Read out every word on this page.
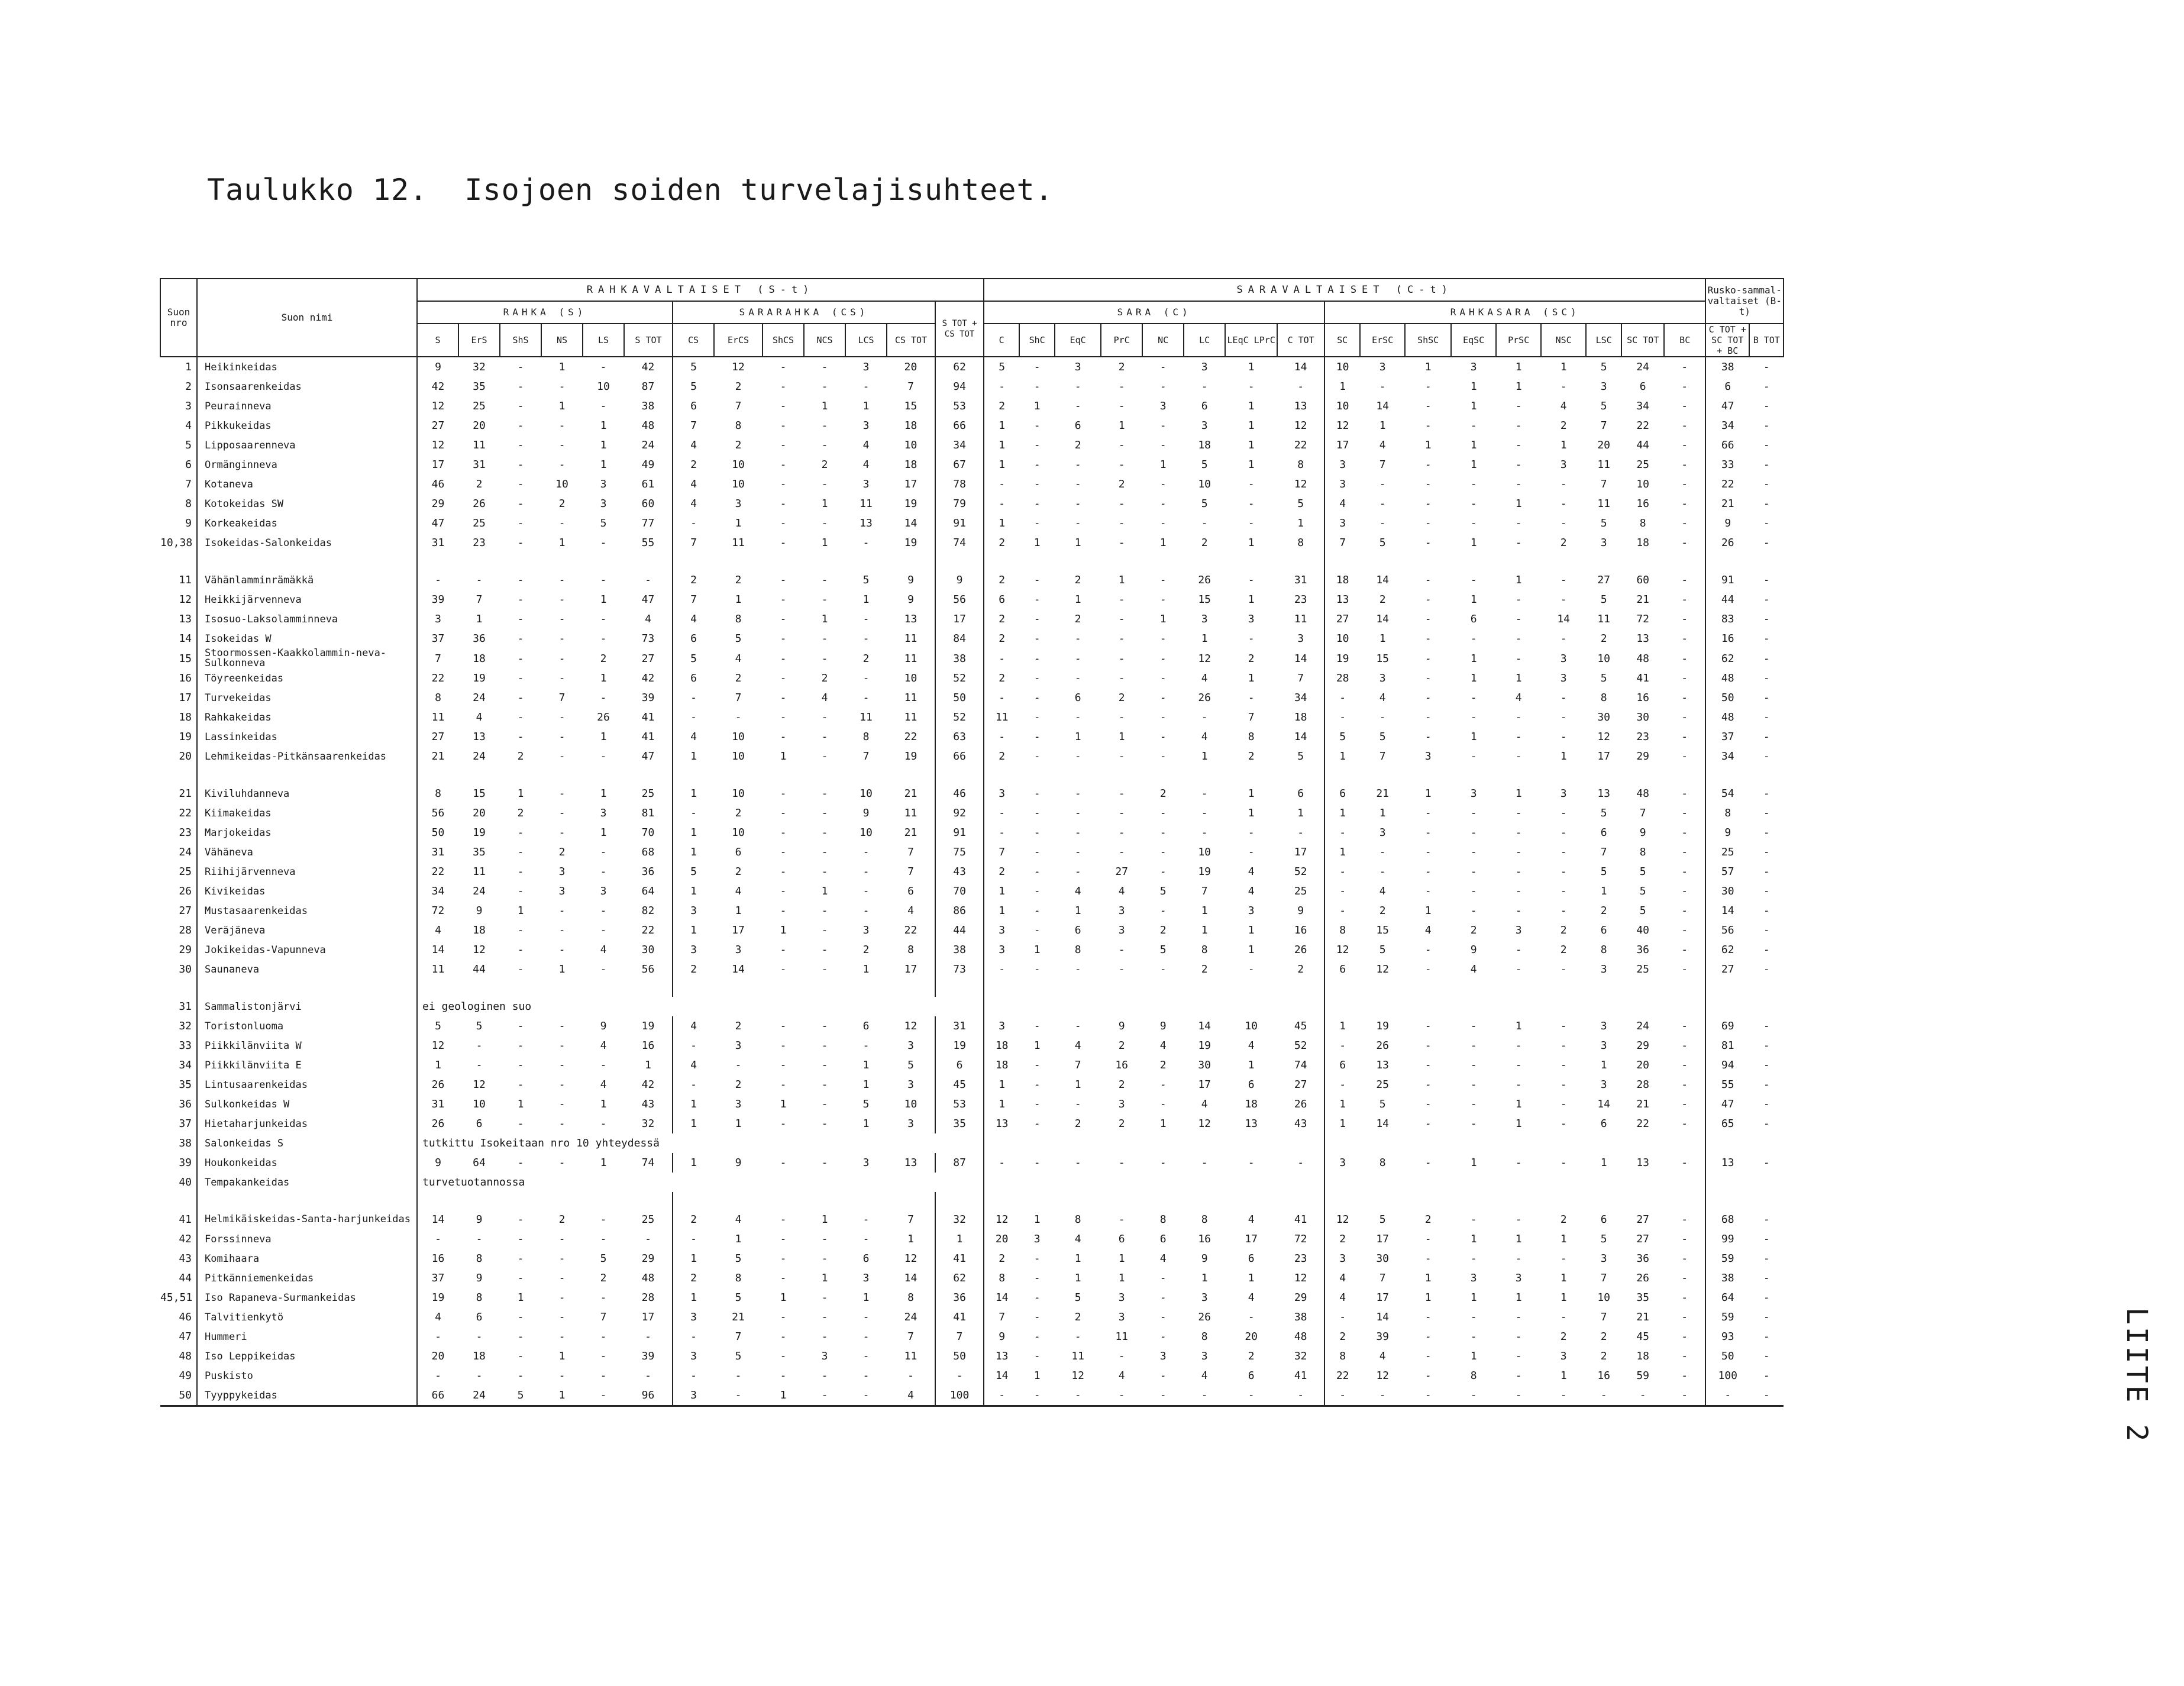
Taulukko 12.  Isojoen soiden turvelajisuhteet.
LIITE 2
Suon nro	Suon nimi	RAHKAVALTAISET (S-t)													SARAVALTAISET (C-t)																	Rusko-sammal-valtaiset (B-t)	
		RAHKA (S)						SARARAHKA (CS)						S TOT + CS TOT	SARA (C)								RAHKASARA (SC)										
		S	ErS	ShS	NS	LS	S TOT	CS	ErCS	ShCS	NCS	LCS	CS TOT		C	ShC	EqC	PrC	NC	LC	LEqC LPrC	C TOT	SC	ErSC	ShSC	EqSC	PrSC	NSC	LSC	SC TOT	BC	C TOT + SC TOT + BC	B TOT
1	Heikinkeidas	9	32	-	1	-	42	5	12	-	-	3	20	62	5	-	3	2	-	3	1	14	10	3	1	3	1	1	5	24	-	38	-
2	Isonsaarenkeidas	42	35	-	-	10	87	5	2	-	-	-	7	94	-	-	-	-	-	-	-	-	1	-	-	1	1	-	3	6	-	6	-
3	Peurainneva	12	25	-	1	-	38	6	7	-	1	1	15	53	2	1	-	-	3	6	1	13	10	14	-	1	-	4	5	34	-	47	-
4	Pikkukeidas	27	20	-	-	1	48	7	8	-	-	3	18	66	1	-	6	1	-	3	1	12	12	1	-	-	-	2	7	22	-	34	-
5	Lipposaarenneva	12	11	-	-	1	24	4	2	-	-	4	10	34	1	-	2	-	-	18	1	22	17	4	1	1	-	1	20	44	-	66	-
6	Ormänginneva	17	31	-	-	1	49	2	10	-	2	4	18	67	1	-	-	-	1	5	1	8	3	7	-	1	-	3	11	25	-	33	-
7	Kotaneva	46	2	-	10	3	61	4	10	-	-	3	17	78	-	-	-	2	-	10	-	12	3	-	-	-	-	-	7	10	-	22	-
8	Kotokeidas SW	29	26	-	2	3	60	4	3	-	1	11	19	79	-	-	-	-	-	5	-	5	4	-	-	-	1	-	11	16	-	21	-
9	Korkeakeidas	47	25	-	-	5	77	-	1	-	-	13	14	91	1	-	-	-	-	-	-	1	3	-	-	-	-	-	5	8	-	9	-
10,38	Isokeidas-Salonkeidas	31	23	-	1	-	55	7	11	-	1	-	19	74	2	1	1	-	1	2	1	8	7	5	-	1	-	2	3	18	-	26	-

11	Vähänlamminrämäkkä	-	-	-	-	-	-	2	2	-	-	5	9	9	2	-	2	1	-	26	-	31	18	14	-	-	1	-	27	60	-	91	-
12	Heikkijärvenneva	39	7	-	-	1	47	7	1	-	-	1	9	56	6	-	1	-	-	15	1	23	13	2	-	1	-	-	5	21	-	44	-
13	Isosuo-Laksolamminneva	3	1	-	-	-	4	4	8	-	1	-	13	17	2	-	2	-	1	3	3	11	27	14	-	6	-	14	11	72	-	83	-
14	Isokeidas W	37	36	-	-	-	73	6	5	-	-	-	11	84	2	-	-	-	-	1	-	3	10	1	-	-	-	-	2	13	-	16	-
15	Stoormossen-Kaakkolammin-neva-Sulkonneva	7	18	-	-	2	27	5	4	-	-	2	11	38	-	-	-	-	-	12	2	14	19	15	-	1	-	3	10	48	-	62	-
16	Töyreenkeidas	22	19	-	-	1	42	6	2	-	2	-	10	52	2	-	-	-	-	4	1	7	28	3	-	1	1	3	5	41	-	48	-
17	Turvekeidas	8	24	-	7	-	39	-	7	-	4	-	11	50	-	-	6	2	-	26	-	34	-	4	-	-	4	-	8	16	-	50	-
18	Rahkakeidas	11	4	-	-	26	41	-	-	-	-	11	11	52	11	-	-	-	-	-	7	18	-	-	-	-	-	-	30	30	-	48	-
19	Lassinkeidas	27	13	-	-	1	41	4	10	-	-	8	22	63	-	-	1	1	-	4	8	14	5	5	-	1	-	-	12	23	-	37	-
20	Lehmikeidas-Pitkänsaarenkeidas	21	24	2	-	-	47	1	10	1	-	7	19	66	2	-	-	-	-	1	2	5	1	7	3	-	-	1	17	29	-	34	-

21	Kiviluhdanneva	8	15	1	-	1	25	1	10	-	-	10	21	46	3	-	-	-	2	-	1	6	6	21	1	3	1	3	13	48	-	54	-
22	Kiimakeidas	56	20	2	-	3	81	-	2	-	-	9	11	92	-	-	-	-	-	-	1	1	1	1	-	-	-	-	5	7	-	8	-
23	Marjokeidas	50	19	-	-	1	70	1	10	-	-	10	21	91	-	-	-	-	-	-	-	-	-	3	-	-	-	-	6	9	-	9	-
24	Vähäneva	31	35	-	2	-	68	1	6	-	-	-	7	75	7	-	-	-	-	10	-	17	1	-	-	-	-	-	7	8	-	25	-
25	Riihijärvenneva	22	11	-	3	-	36	5	2	-	-	-	7	43	2	-	-	27	-	19	4	52	-	-	-	-	-	-	5	5	-	57	-
26	Kivikeidas	34	24	-	3	3	64	1	4	-	1	-	6	70	1	-	4	4	5	7	4	25	-	4	-	-	-	-	1	5	-	30	-
27	Mustasaarenkeidas	72	9	1	-	-	82	3	1	-	-	-	4	86	1	-	1	3	-	1	3	9	-	2	1	-	-	-	2	5	-	14	-
28	Veräjäneva	4	18	-	-	-	22	1	17	1	-	3	22	44	3	-	6	3	2	1	1	16	8	15	4	2	3	2	6	40	-	56	-
29	Jokikeidas-Vapunneva	14	12	-	-	4	30	3	3	-	-	2	8	38	3	1	8	-	5	8	1	26	12	5	-	9	-	2	8	36	-	62	-
30	Saunaneva	11	44	-	1	-	56	2	14	-	-	1	17	73	-	-	-	-	-	2	-	2	6	12	-	4	-	-	3	25	-	27	-

31	Sammalistonjärvi	ei geologinen suo																															
32	Toristonluoma	5	5	-	-	9	19	4	2	-	-	6	12	31	3	-	-	9	9	14	10	45	1	19	-	-	1	-	3	24	-	69	-
33	Piikkilänviita W	12	-	-	-	4	16	-	3	-	-	-	3	19	18	1	4	2	4	19	4	52	-	26	-	-	-	-	3	29	-	81	-
34	Piikkilänviita E	1	-	-	-	-	1	4	-	-	-	1	5	6	18	-	7	16	2	30	1	74	6	13	-	-	-	-	1	20	-	94	-
35	Lintusaarenkeidas	26	12	-	-	4	42	-	2	-	-	1	3	45	1	-	1	2	-	17	6	27	-	25	-	-	-	-	3	28	-	55	-
36	Sulkonkeidas W	31	10	1	-	1	43	1	3	1	-	5	10	53	1	-	-	3	-	4	18	26	1	5	-	-	1	-	14	21	-	47	-
37	Hietaharjunkeidas	26	6	-	-	-	32	1	1	-	-	1	3	35	13	-	2	2	1	12	13	43	1	14	-	-	1	-	6	22	-	65	-
38	Salonkeidas S	tutkittu Isokeitaan nro 10 yhteydessä																															
39	Houkonkeidas	9	64	-	-	1	74	1	9	-	-	3	13	87	-	-	-	-	-	-	-	-	3	8	-	1	-	-	1	13	-	13	-
40	Tempakankeidas	turvetuotannossa																															

41	Helmikäiskeidas-Santa-harjunkeidas	14	9	-	2	-	25	2	4	-	1	-	7	32	12	1	8	-	8	8	4	41	12	5	2	-	-	2	6	27	-	68	-
42	Forssinneva	-	-	-	-	-	-	-	1	-	-	-	1	1	20	3	4	6	6	16	17	72	2	17	-	1	1	1	5	27	-	99	-
43	Komihaara	16	8	-	-	5	29	1	5	-	-	6	12	41	2	-	1	1	4	9	6	23	3	30	-	-	-	-	3	36	-	59	-
44	Pitkänniemenkeidas	37	9	-	-	2	48	2	8	-	1	3	14	62	8	-	1	1	-	1	1	12	4	7	1	3	3	1	7	26	-	38	-
45,51	Iso Rapaneva-Surmankeidas	19	8	1	-	-	28	1	5	1	-	1	8	36	14	-	5	3	-	3	4	29	4	17	1	1	1	1	10	35	-	64	-
46	Talvitienkytö	4	6	-	-	7	17	3	21	-	-	-	24	41	7	-	2	3	-	26	-	38	-	14	-	-	-	-	7	21	-	59	-
47	Hummeri	-	-	-	-	-	-	-	7	-	-	-	7	7	9	-	-	11	-	8	20	48	2	39	-	-	-	2	2	45	-	93	-
48	Iso Leppikeidas	20	18	-	1	-	39	3	5	-	3	-	11	50	13	-	11	-	3	3	2	32	8	4	-	1	-	3	2	18	-	50	-
49	Puskisto	-	-	-	-	-	-	-	-	-	-	-	-	-	14	1	12	4	-	4	6	41	22	12	-	8	-	1	16	59	-	100	-
50	Tyyppykeidas	66	24	5	1	-	96	3	-	1	-	-	4	100	-	-	-	-	-	-	-	-	-	-	-	-	-	-	-	-	-	-	-
